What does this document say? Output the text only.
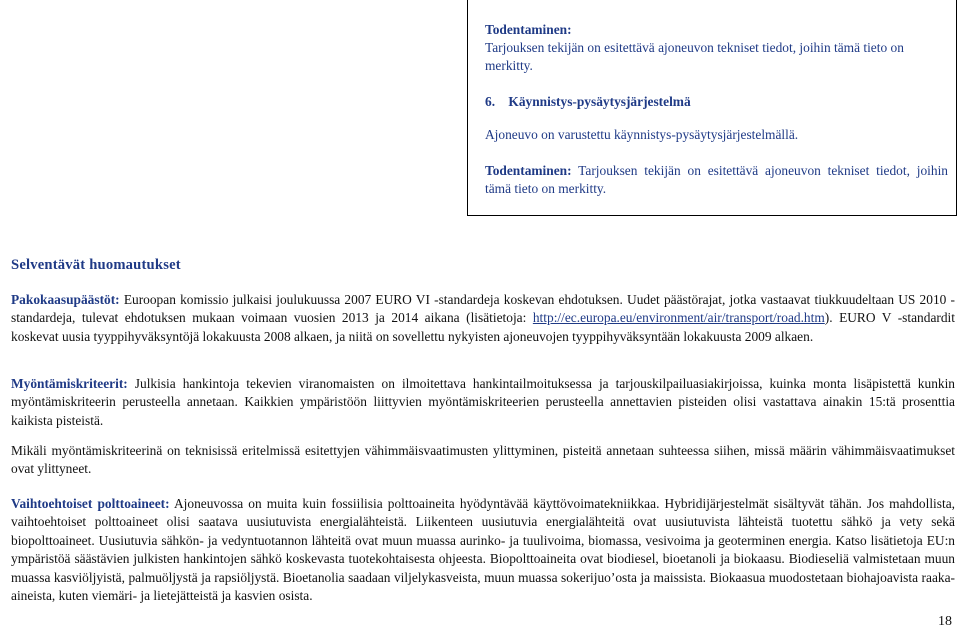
Todentaminen:
Tarjouksen tekijän on esitettävä ajoneuvon tekniset tiedot, joihin tämä tieto on merkitty.

6. Käynnistys-pysäytysjärjestelmä

Ajoneuvo on varustettu käynnistys-pysäytysjärjestelmällä.

Todentaminen: Tarjouksen tekijän on esitettävä ajoneuvon tekniset tiedot, joihin tämä tieto on merkitty.

Selventävät huomautukset

Pakokaasupäästöt: Euroopan komissio julkaisi joulukuussa 2007 EURO VI -standardeja koskevan ehdotuksen. Uudet päästörajat, jotka vastaavat tiukkuudeltaan US 2010 -standardeja, tulevat ehdotuksen mukaan voimaan vuosien 2013 ja 2014 aikana (lisätietoja: http://ec.europa.eu/environment/air/transport/road.htm). EURO V -standardit koskevat uusia tyyppihyväksyntöjä lokakuusta 2008 alkaen, ja niitä on sovellettu nykyisten ajoneuvojen tyyppihyväksyntään lokakuusta 2009 alkaen.

Myöntämiskriteerit: Julkisia hankintoja tekevien viranomaisten on ilmoitettava hankintailmoituksessa ja tarjouskilpailuasiakirjoissa, kuinka monta lisäpistettä kunkin myöntämiskriteerin perusteella annetaan. Kaikkien ympäristöön liittyvien myöntämiskriteerien perusteella annettavien pisteiden olisi vastattava ainakin 15:tä prosenttia kaikista pisteistä.

Mikäli myöntämiskriteerinä on teknisissä eritelmissä esitettyjen vähimmäisvaatimusten ylittyminen, pisteitä annetaan suhteessa siihen, missä määrin vähimmäisvaatimukset ovat ylittyneet.

Vaihtoehtoiset polttoaineet: Ajoneuvossa on muita kuin fossiilisia polttoaineita hyödyntävää käyttövoimatekniikkaa. Hybridijärjestelmät sisältyvät tähän. Jos mahdollista, vaihtoehtoiset polttoaineet olisi saatava uusiutuvista energialähteistä. Liikenteen uusiutuvia energialähteitä ovat uusiutuvista lähteistä tuotettu sähkö ja vety sekä biopolttoaineet. Uusiutuvia sähkön- ja vedyntuotannon lähteitä ovat muun muassa aurinko- ja tuulivoima, biomassa, vesivoima ja geoterminen energia. Katso lisätietoja EU:n ympäristöä säästävien julkisten hankintojen sähkö koskevasta tuotekohtaisesta ohjeesta. Biopolttoaineita ovat biodiesel, bioetanoli ja biokaasu. Biodieseliä valmistetaan muun muassa kasviöljyistä, palmuöljystä ja rapsiöljystä. Bioetanolia saadaan viljelykasveista, muun muassa sokerijuo’osta ja maissista. Biokaasua muodostetaan biohajoavista raaka-aineista, kuten viemäri- ja lietejätteistä ja kasvien osista.

18
